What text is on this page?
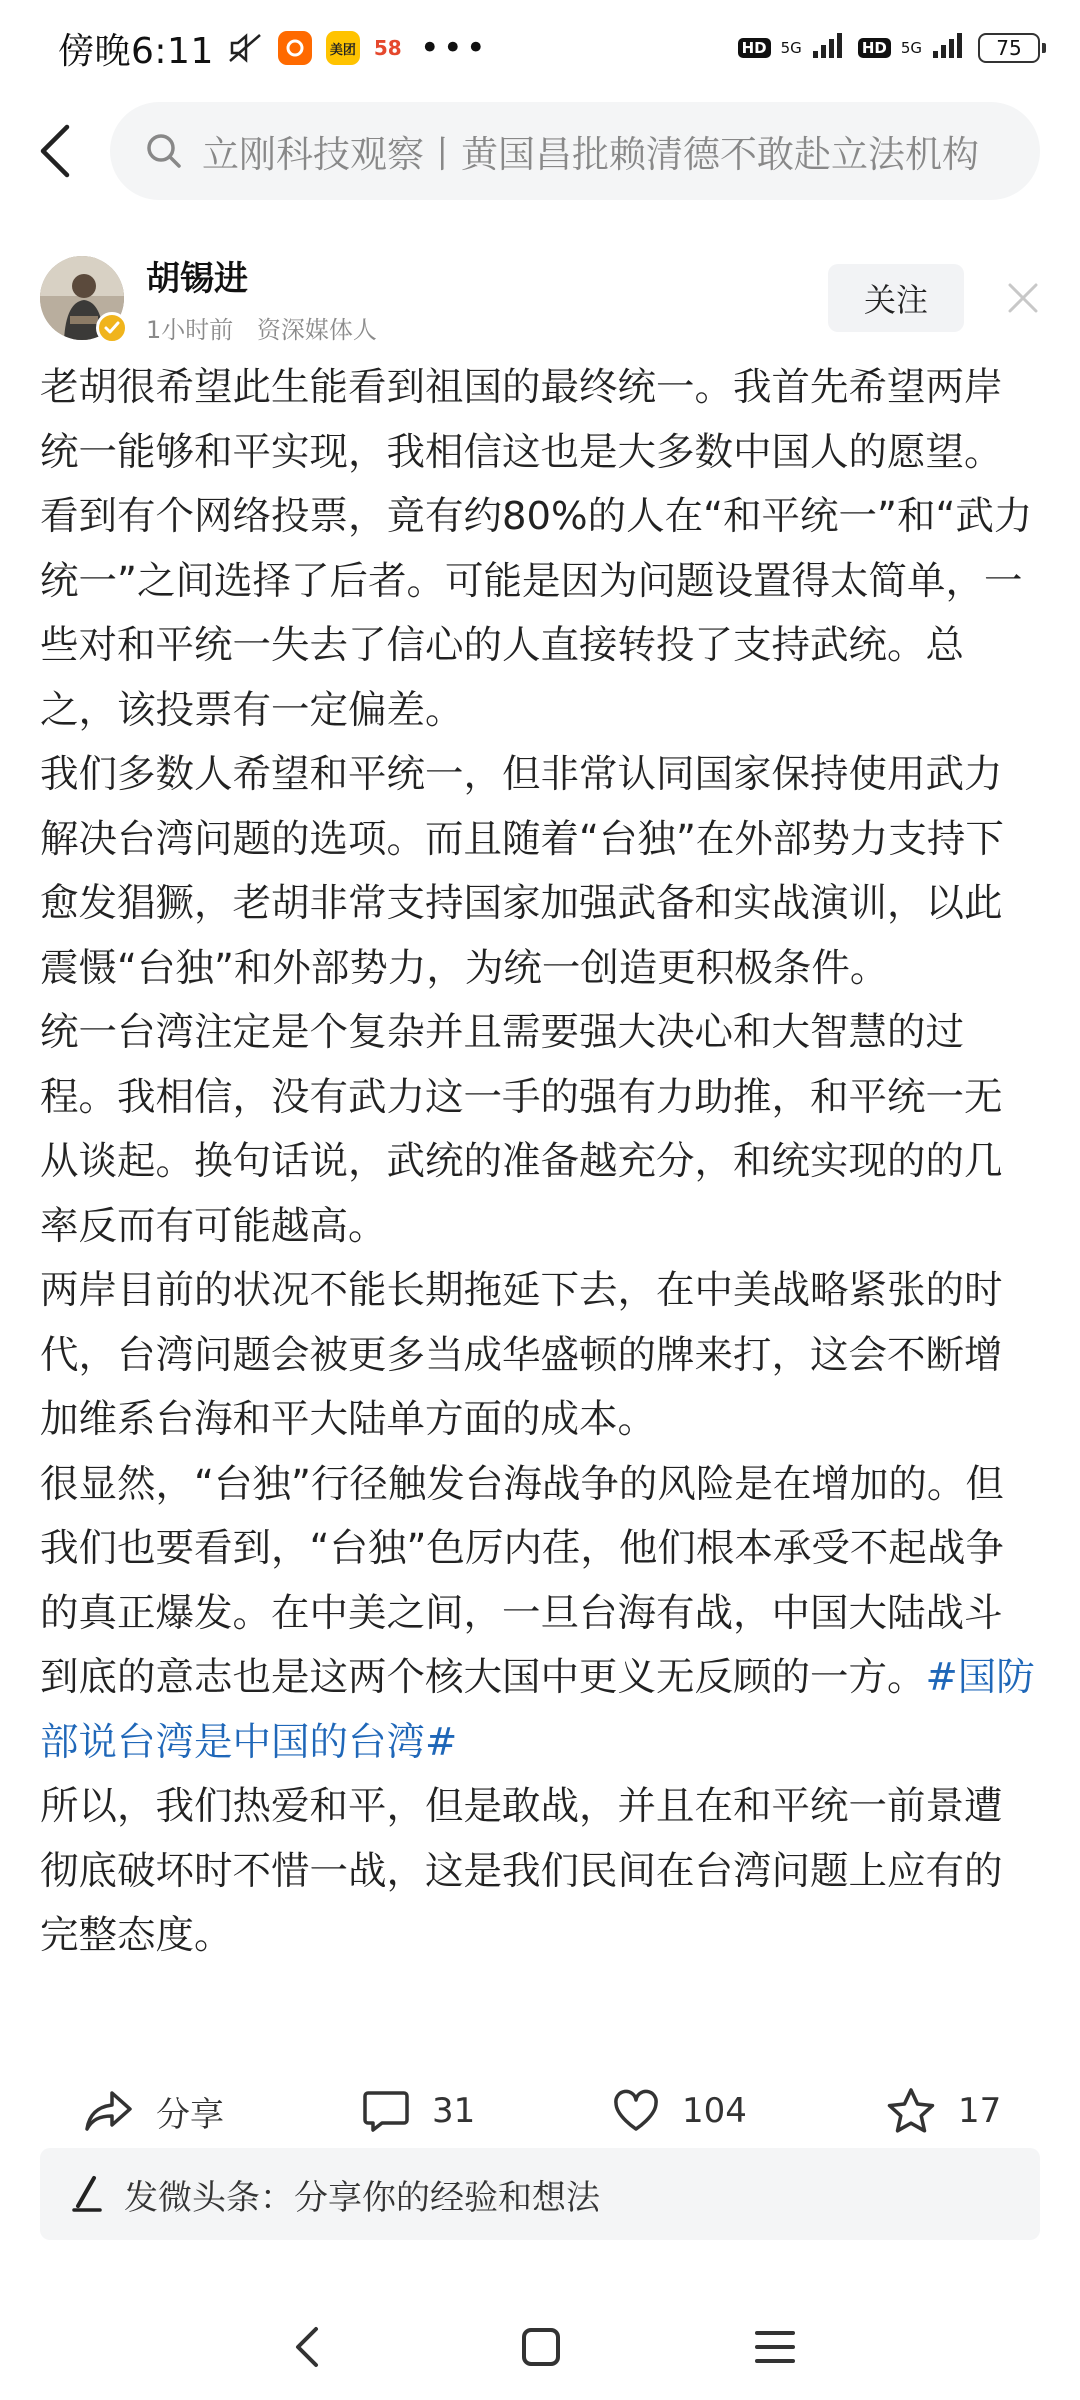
傍晚6:11	美团 58 •••	HD 5G	HD 5G	75
立刚科技观察丨黄国昌批赖清德不敢赴立法机构
胡锡进
1小时前 资深媒体人
关注

老胡很希望此生能看到祖国的最终统一。我首先希望两岸统一能够和平实现，我相信这也是大多数中国人的愿望。看到有个网络投票，竟有约80%的人在“和平统一”和“武力统一”之间选择了后者。可能是因为问题设置得太简单，一些对和平统一失去了信心的人直接转投了支持武统。总之，该投票有一定偏差。

我们多数人希望和平统一，但非常认同国家保持使用武力解决台湾问题的选项。而且随着“台独”在外部势力支持下愈发猖獗，老胡非常支持国家加强武备和实战演训，以此震慑“台独”和外部势力，为统一创造更积极条件。

统一台湾注定是个复杂并且需要强大决心和大智慧的过程。我相信，没有武力这一手的强有力助推，和平统一无从谈起。换句话说，武统的准备越充分，和统实现的的几率反而有可能越高。

两岸目前的状况不能长期拖延下去，在中美战略紧张的时代，台湾问题会被更多当成华盛顿的牌来打，这会不断增加维系台海和平大陆单方面的成本。

很显然，“台独”行径触发台海战争的风险是在增加的。但我们也要看到，“台独”色厉内荏，他们根本承受不起战争的真正爆发。在中美之间，一旦台海有战，中国大陆战斗到底的意志也是这两个核大国中更义无反顾的一方。#国防部说台湾是中国的台湾#

所以，我们热爱和平，但是敢战，并且在和平统一前景遭彻底破坏时不惜一战，这是我们民间在台湾问题上应有的完整态度。

分享	31	104	17
发微头条：分享你的经验和想法
